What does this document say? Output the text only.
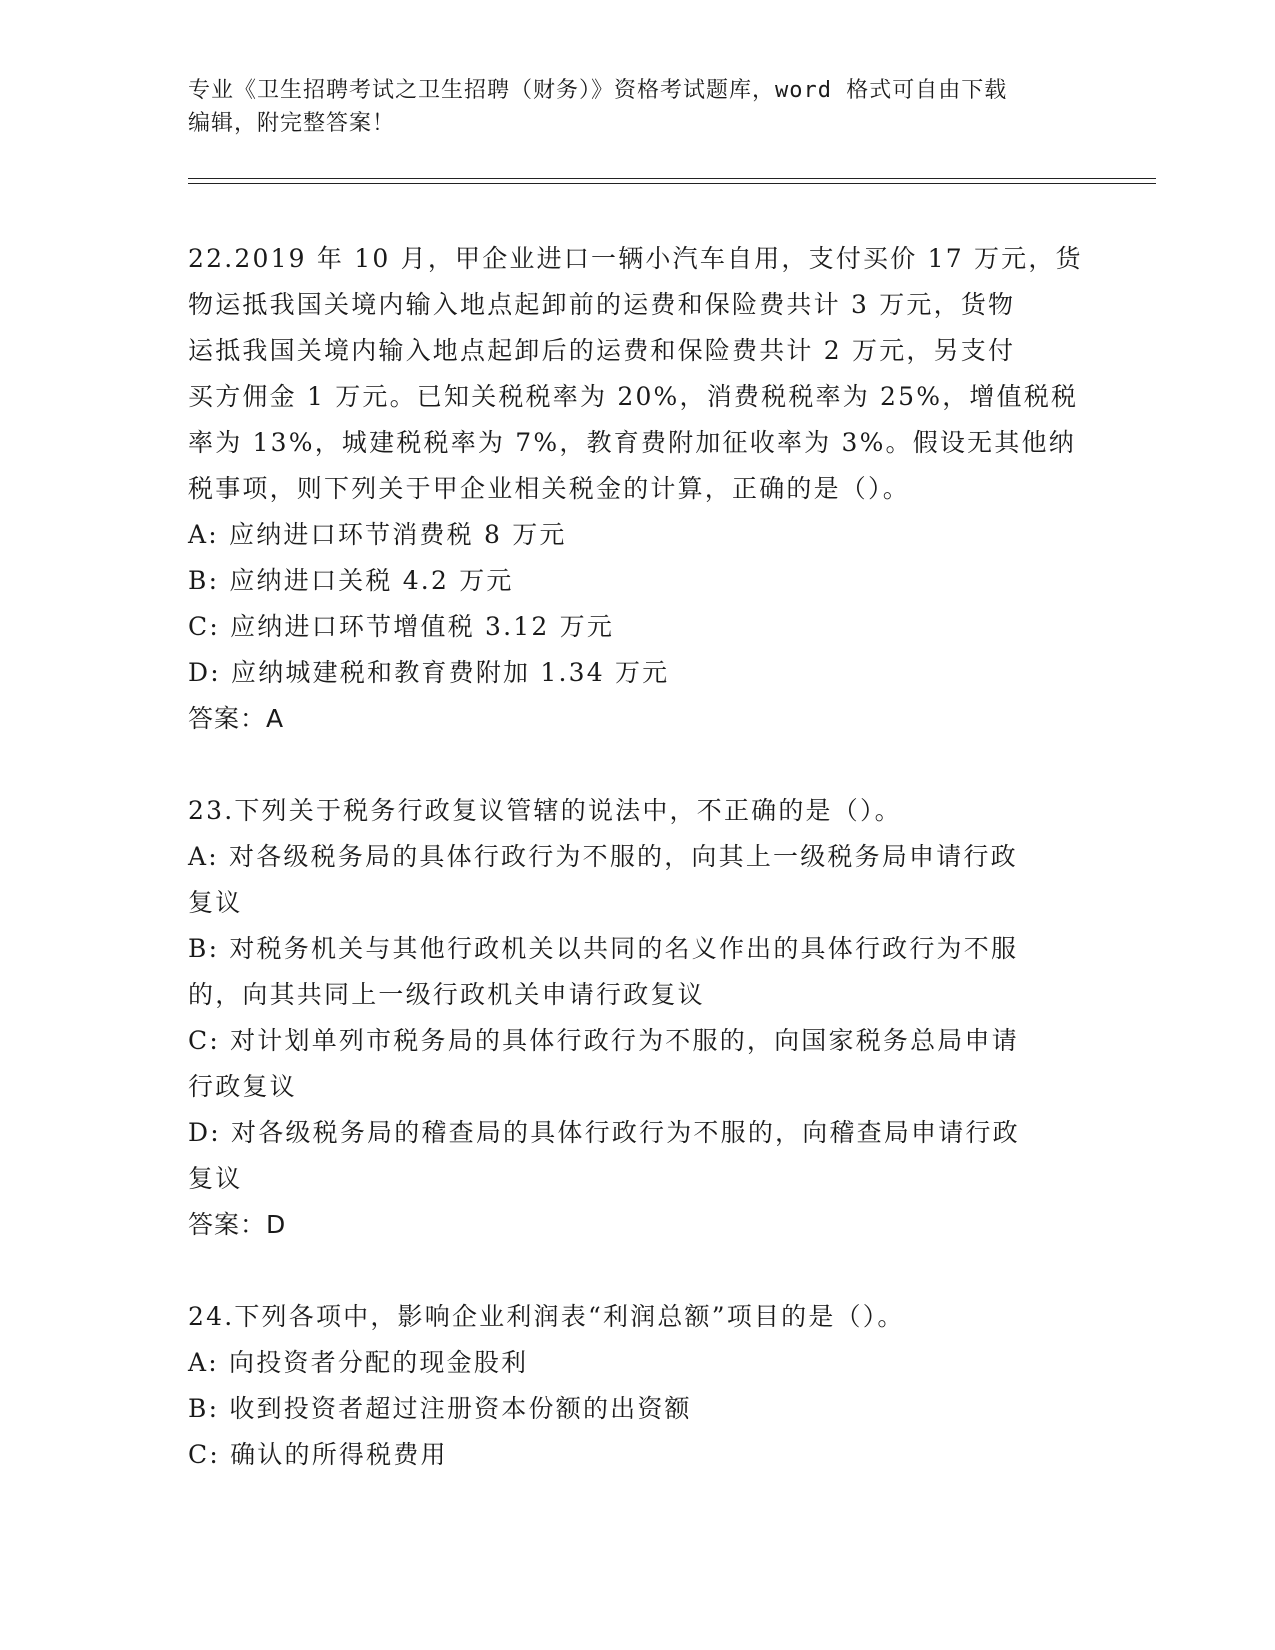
专业《卫生招聘考试之卫生招聘（财务）》资格考试题库，word 格式可自由下载
编辑，附完整答案！
22.2019 年 10 月，甲企业进口一辆小汽车自用，支付买价 17 万元，货
物运抵我国关境内输入地点起卸前的运费和保险费共计 3 万元，货物
运抵我国关境内输入地点起卸后的运费和保险费共计 2 万元，另支付
买方佣金 1 万元。已知关税税率为 20%，消费税税率为 25%，增值税税
率为 13%，城建税税率为 7%，教育费附加征收率为 3%。假设无其他纳
税事项，则下列关于甲企业相关税金的计算，正确的是（）。
A: 应纳进口环节消费税 8 万元
B: 应纳进口关税 4.2 万元
C: 应纳进口环节增值税 3.12 万元
D: 应纳城建税和教育费附加 1.34 万元
答案：A
23.下列关于税务行政复议管辖的说法中，不正确的是（）。
A: 对各级税务局的具体行政行为不服的，向其上一级税务局申请行政
复议
B: 对税务机关与其他行政机关以共同的名义作出的具体行政行为不服
的，向其共同上一级行政机关申请行政复议
C: 对计划单列市税务局的具体行政行为不服的，向国家税务总局申请
行政复议
D: 对各级税务局的稽查局的具体行政行为不服的，向稽查局申请行政
复议
答案：D
24.下列各项中，影响企业利润表“利润总额”项目的是（）。
A: 向投资者分配的现金股利
B: 收到投资者超过注册资本份额的出资额
C: 确认的所得税费用
